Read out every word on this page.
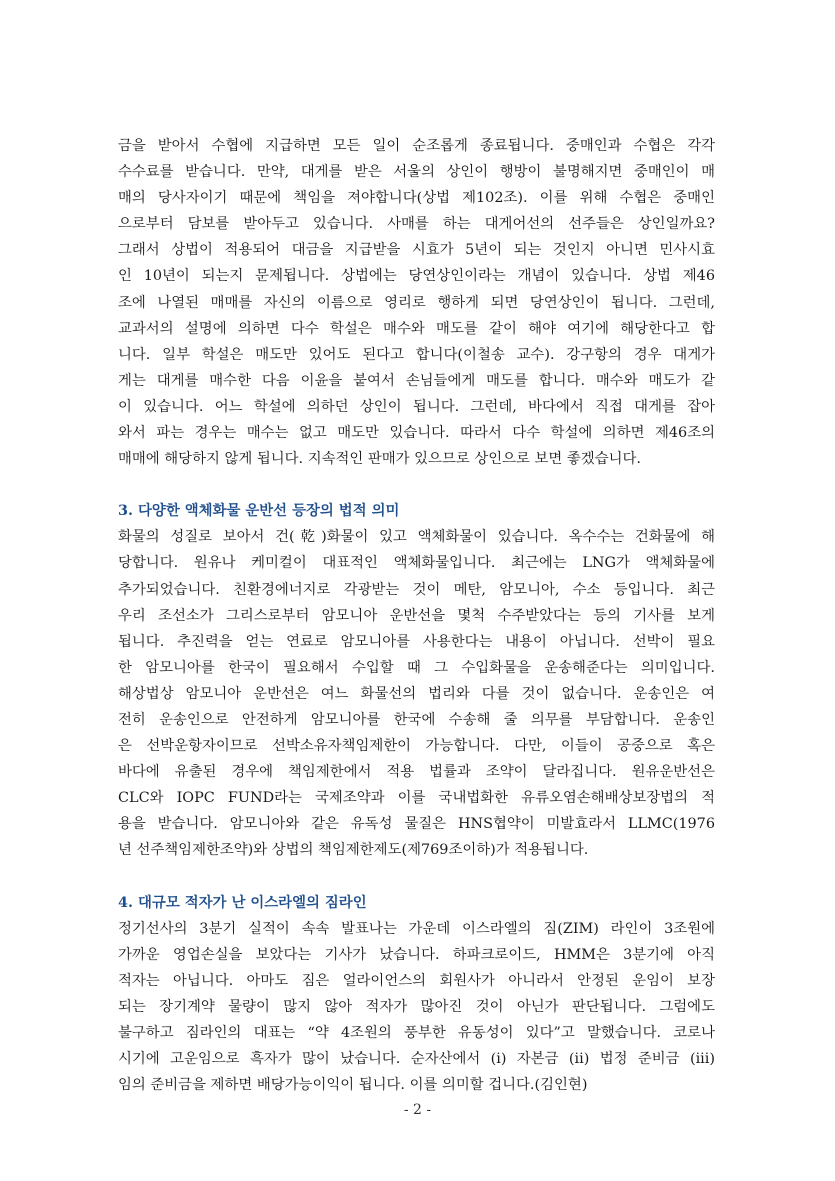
금을 받아서 수협에 지급하면 모든 일이 순조롭게 종료됩니다. 중매인과 수협은 각각
수수료를 받습니다. 만약, 대게를 받은 서울의 상인이 행방이 불명해지면 중매인이 매
매의 당사자이기 때문에 책임을 져야합니다(상법 제102조). 이를 위해 수협은 중매인
으로부터 담보를 받아두고 있습니다. 사매를 하는 대게어선의 선주들은 상인일까요?
그래서 상법이 적용되어 대금을 지급받을 시효가 5년이 되는 것인지 아니면 민사시효
인 10년이 되는지 문제됩니다. 상법에는 당연상인이라는 개념이 있습니다. 상법 제46
조에 나열된 매매를 자신의 이름으로 영리로 행하게 되면 당연상인이 됩니다. 그런데,
교과서의 설명에 의하면 다수 학설은 매수와 매도를 같이 해야 여기에 해당한다고 합
니다. 일부 학설은 매도만 있어도 된다고 합니다(이철송 교수). 강구항의 경우 대게가
게는 대게를 매수한 다음 이윤을 붙여서 손님들에게 매도를 합니다. 매수와 매도가 같
이 있습니다. 어느 학설에 의하던 상인이 됩니다. 그런데, 바다에서 직접 대게를 잡아
와서 파는 경우는 매수는 없고 매도만 있습니다. 따라서 다수 학설에 의하면 제46조의
매매에 해당하지 않게 됩니다. 지속적인 판매가 있으므로 상인으로 보면 좋겠습니다.

3. 다양한 액체화물 운반선 등장의 법적 의미

화물의 성질로 보아서 건(乾)화물이 있고 액체화물이 있습니다. 옥수수는 건화물에 해
당합니다. 원유나 케미컬이 대표적인 액체화물입니다. 최근에는 LNG가 액체화물에
추가되었습니다. 친환경에너지로 각광받는 것이 메탄, 암모니아, 수소 등입니다. 최근
우리 조선소가 그리스로부터 암모니아 운반선을 몇척 수주받았다는 등의 기사를 보게
됩니다. 추진력을 얻는 연료로 암모니아를 사용한다는 내용이 아닙니다. 선박이 필요
한 암모니아를 한국이 필요해서 수입할 때 그 수입화물을 운송해준다는 의미입니다.
해상법상 암모니아 운반선은 여느 화물선의 법리와 다를 것이 없습니다. 운송인은 여
전히 운송인으로 안전하게 암모니아를 한국에 수송해 줄 의무를 부담합니다. 운송인
은 선박운항자이므로 선박소유자책임제한이 가능합니다. 다만, 이들이 공중으로 혹은
바다에 유출된 경우에 책임제한에서 적용 법률과 조약이 달라집니다. 원유운반선은
CLC와 IOPC FUND라는 국제조약과 이를 국내법화한 유류오염손해배상보장법의 적
용을 받습니다. 암모니아와 같은 유독성 물질은 HNS협약이 미발효라서 LLMC(1976
년 선주책임제한조약)와 상법의 책임제한제도(제769조이하)가 적용됩니다.

4. 대규모 적자가 난 이스라엘의 짐라인

정기선사의 3분기 실적이 속속 발표나는 가운데 이스라엘의 짐(ZIM) 라인이 3조원에
가까운 영업손실을 보았다는 기사가 났습니다. 하파크로이드, HMM은 3분기에 아직
적자는 아닙니다. 아마도 짐은 얼라이언스의 회원사가 아니라서 안정된 운임이 보장
되는 장기계약 물량이 많지 않아 적자가 많아진 것이 아닌가 판단됩니다. 그럼에도
불구하고 짐라인의 대표는 “약 4조원의 풍부한 유동성이 있다”고 말했습니다. 코로나
시기에 고운임으로 흑자가 많이 났습니다. 순자산에서 (i) 자본금 (ii) 법정 준비금 (iii)
임의 준비금을 제하면 배당가능이익이 됩니다. 이를 의미할 겁니다.(김인현)

- 2 -
